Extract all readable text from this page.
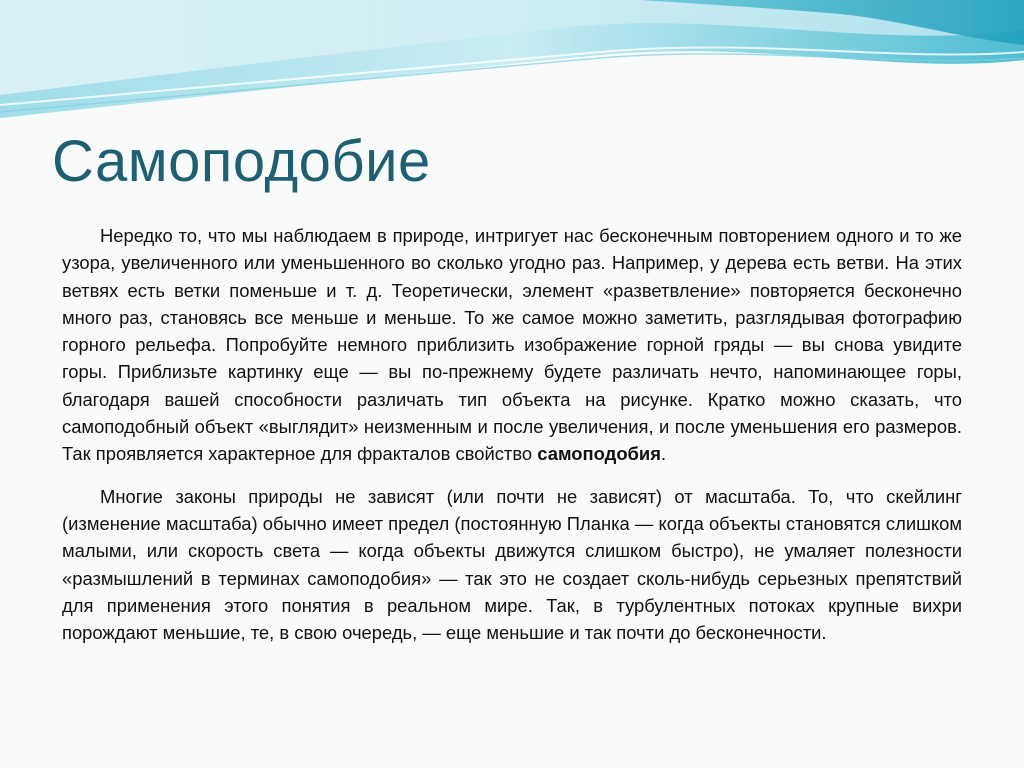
Самоподобие

Нередко то, что мы наблюдаем в природе, интригует нас бесконечным повторением одного и то же узора, увеличенного или уменьшенного во сколько угодно раз. Например, у дерева есть ветви. На этих ветвях есть ветки поменьше и т. д. Теоретически, элемент «разветвление» повторяется бесконечно много раз, становясь все меньше и меньше. То же самое можно заметить, разглядывая фотографию горного рельефа. Попробуйте немного приблизить изображение горной гряды — вы снова увидите горы. Приблизьте картинку еще — вы по-прежнему будете различать нечто, напоминающее горы, благодаря вашей способности различать тип объекта на рисунке. Кратко можно сказать, что самоподобный объект «выглядит» неизменным и после увеличения, и после уменьшения его размеров. Так проявляется характерное для фракталов свойство самоподобия.

Многие законы природы не зависят (или почти не зависят) от масштаба. То, что скейлинг (изменение масштаба) обычно имеет предел (постоянную Планка — когда объекты становятся слишком малыми, или скорость света — когда объекты движутся слишком быстро), не умаляет полезности «размышлений в терминах самоподобия» — так это не создает сколь-нибудь серьезных препятствий для применения этого понятия в реальном мире. Так, в турбулентных потоках крупные вихри порождают меньшие, те, в свою очередь, — еще меньшие и так почти до бесконечности.
